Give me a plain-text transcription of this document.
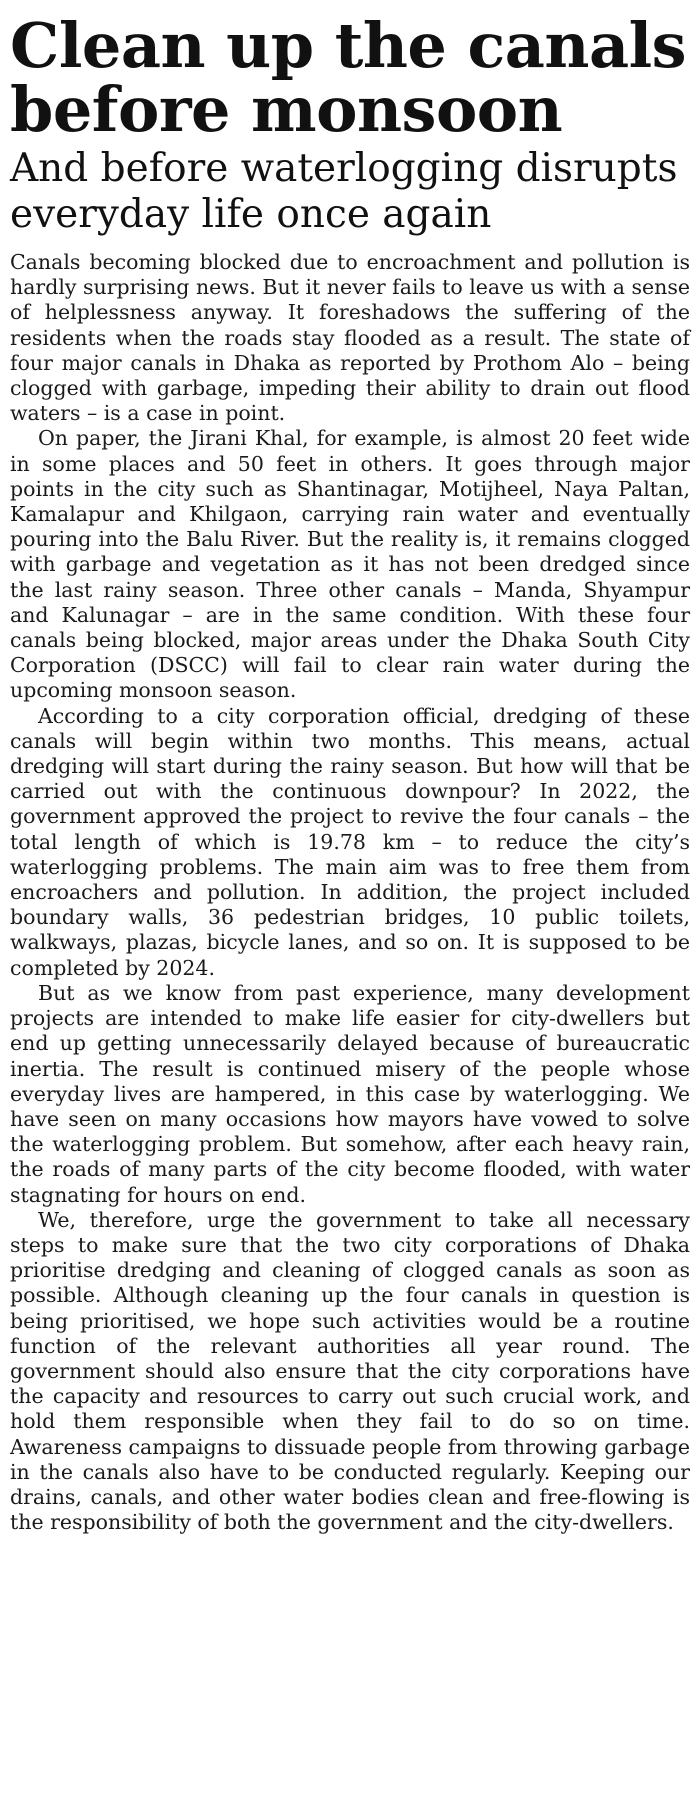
Clean up the canals before monsoon
And before waterlogging disrupts everyday life once again

Canals becoming blocked due to encroachment and pollution is hardly surprising news. But it never fails to leave us with a sense of helplessness anyway. It foreshadows the suffering of the residents when the roads stay flooded as a result. The state of four major canals in Dhaka as reported by Prothom Alo – being clogged with garbage, impeding their ability to drain out flood waters – is a case in point.

On paper, the Jirani Khal, for example, is almost 20 feet wide in some places and 50 feet in others. It goes through major points in the city such as Shantinagar, Motijheel, Naya Paltan, Kamalapur and Khilgaon, carrying rain water and eventually pouring into the Balu River. But the reality is, it remains clogged with garbage and vegetation as it has not been dredged since the last rainy season. Three other canals – Manda, Shyampur and Kalunagar – are in the same condition. With these four canals being blocked, major areas under the Dhaka South City Corporation (DSCC) will fail to clear rain water during the upcoming monsoon season.

According to a city corporation official, dredging of these canals will begin within two months. This means, actual dredging will start during the rainy season. But how will that be carried out with the continuous downpour? In 2022, the government approved the project to revive the four canals – the total length of which is 19.78 km – to reduce the city’s waterlogging problems. The main aim was to free them from encroachers and pollution. In addition, the project included boundary walls, 36 pedestrian bridges, 10 public toilets, walkways, plazas, bicycle lanes, and so on. It is supposed to be completed by 2024.

But as we know from past experience, many development projects are intended to make life easier for city-dwellers but end up getting unnecessarily delayed because of bureaucratic inertia. The result is continued misery of the people whose everyday lives are hampered, in this case by waterlogging. We have seen on many occasions how mayors have vowed to solve the waterlogging problem. But somehow, after each heavy rain, the roads of many parts of the city become flooded, with water stagnating for hours on end.

We, therefore, urge the government to take all necessary steps to make sure that the two city corporations of Dhaka prioritise dredging and cleaning of clogged canals as soon as possible. Although cleaning up the four canals in question is being prioritised, we hope such activities would be a routine function of the relevant authorities all year round. The government should also ensure that the city corporations have the capacity and resources to carry out such crucial work, and hold them responsible when they fail to do so on time. Awareness campaigns to dissuade people from throwing garbage in the canals also have to be conducted regularly. Keeping our drains, canals, and other water bodies clean and free-flowing is the responsibility of both the government and the city-dwellers.
